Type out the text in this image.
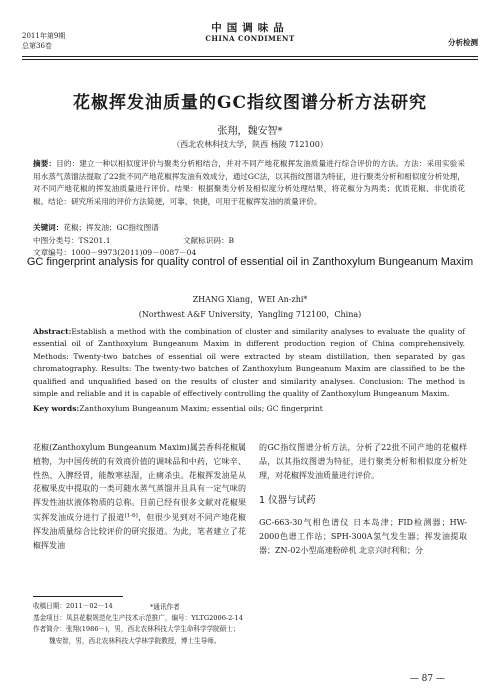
2011年第9期
总第36卷
中国调味品
CHINA CONDIMENT	分析检测
花椒挥发油质量的GC指纹图谱分析方法研究
张翔，魏安智*
（西北农林科技大学，陕西 杨陵 712100）
摘要：目的：建立一种以相似度评价与聚类分析相结合，并对不同产地花椒挥发油质量进行综合评价的方法。方法：采用实验采用水蒸气蒸馏法提取了22批不同产地花椒挥发油有效成分，通过GC法，以其指纹图谱为特征，进行聚类分析和相似度分析处理，对不同产地花椒的挥发油质量进行评价。结果：根据聚类分析及相似度分析处理结果，将花椒分为两类；优质花椒、非优质花椒。结论：研究所采用的评价方法简便，可靠，快捷，可用于花椒挥发油的质量评价。
关键词：花椒；挥发油；GC指纹图谱
中图分类号：TS201.1	文献标识码：B文章编号：1000－9973(2011)09－0087－04
GC fingerprint analysis for quality control of essential oil in Zanthoxylum Bungeanum Maxim
ZHANG Xiang，WEI An-zhi*
(Northwest A&F University，Yangling 712100，China)
Abstract:Establish a method with the combination of cluster and similarity analyses to evaluate the quality of essential oil of Zanthoxylum Bungeanum Maxim in different production region of China comprehensively. Methods: Twenty-two batches of essential oil were extracted by steam distillation, then separated by gas chromatography. Results: The twenty-two batches of Zanthoxylum Bungeanum Maxim are classified to be the qualified and unqualified based on the results of cluster and similarity analyses. Conclusion: The method is simple and reliable and it is capable of effectively controlling the quality of Zanthoxylum Bungeanum Maxim.
Key words:Zanthoxylum Bungeanum Maxim; essential oils; GC fingerprint
花椒(Zanthoxylum Bungeanum Maxim)属芸香科花椒属植物，为中国传统的有效商价值的调味品和中药，它味辛、性热、入脾经胃，能散寒祛湿，止痛杀虫。花椒挥发油是从花椒果皮中提取的一类可随水蒸气蒸馏并且具有一定气味的挥发性油状液体物质的总称。目前已经有很多文献对花椒果实挥发油成分进行了报道[1-6]，但很少见到对不同产地花椒挥发油质量综合比较评价的研究报道。为此，笔者建立了花椒挥发油
的GC指纹图谱分析方法，分析了22批不同产地的花椒样品，以其指纹图谱为特征，进行聚类分析和相似度分析处理，对花椒挥发油质量进行评价。
1 仪器与试药
GC-663-30气相色谱仪 日本岛津；FID检测器；HW-2000色谱工作站；SPH-300A氢气发生器；挥发油提取器；ZN-02小型高速粉碎机 北京兴时利和；分
收稿日期：2011－02－14
基金项目：凤县花椒规范化生产技术示范推广，编号：YLTG2006-2-14
作者简介：张翔(1986－)，男，西北农林科技大学生命科学学院硕士；
魏安智，男，西北农林科技大学林学院教授，博士生导师。
*通讯作者
— 87 —
